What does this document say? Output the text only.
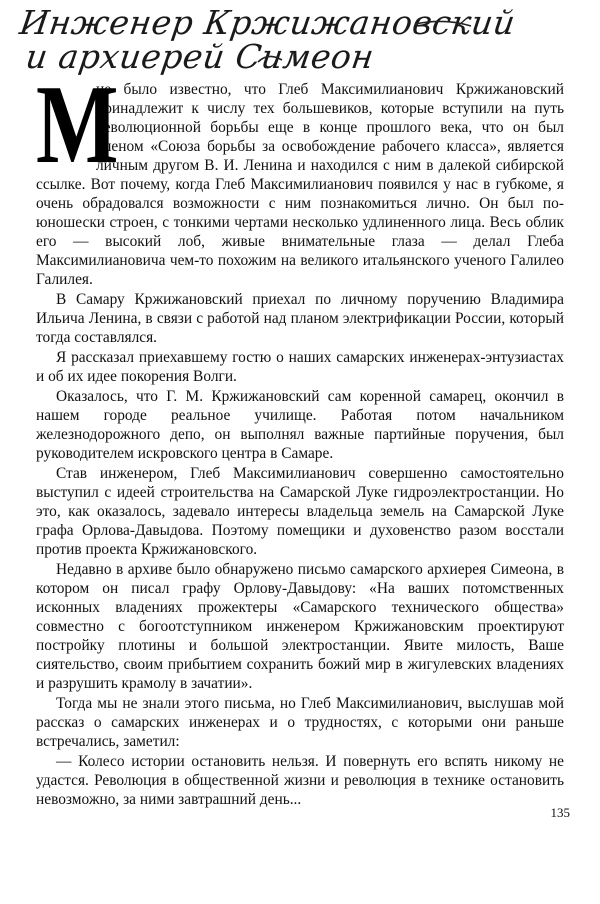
Инженер Кржижановский
и архиерей Симеон

М
не было известно, что Глеб Максимилианович Кржижановский принадлежит к числу тех большевиков, которые вступили на путь революционной борьбы еще в конце прошлого века, что он был членом «Союза борьбы за освобождение рабочего класса», является личным другом В. И. Ленина и находился с ним в далекой сибирской ссылке. Вот почему, когда Глеб Максимилианович появился у нас в губкоме, я очень обрадовался возможности с ним познакомиться лично. Он был по-юношески строен, с тонкими чертами несколько удлиненного лица. Весь облик его — высокий лоб, живые внимательные глаза — делал Глеба Максимилиановича чем-то похожим на великого итальянского ученого Галилео Галилея.

В Самару Кржижановский приехал по личному поручению Владимира Ильича Ленина, в связи с работой над планом электрификации России, который тогда составлялся.

Я рассказал приехавшему гостю о наших самарских инженерах-энтузиастах и об их идее покорения Волги.

Оказалось, что Г. М. Кржижановский сам коренной самарец, окончил в нашем городе реальное училище. Работая потом начальником железнодорожного депо, он выполнял важные партийные поручения, был руководителем искровского центра в Самаре.

Став инженером, Глеб Максимилианович совершенно самостоятельно выступил с идеей строительства на Самарской Луке гидроэлектростанции. Но это, как оказалось, задевало интересы владельца земель на Самарской Луке графа Орлова-Давыдова. Поэтому помещики и духовенство разом восстали против проекта Кржижановского.

Недавно в архиве было обнаружено письмо самарского архиерея Симеона, в котором он писал графу Орлову-Давыдову: «На ваших потомственных исконных владениях прожектеры «Самарского технического общества» совместно с богоотступником инженером Кржижановским проектируют постройку плотины и большой электростанции. Явите милость, Ваше сиятельство, своим прибытием сохранить божий мир в жигулевских владениях и разрушить крамолу в зачатии».

Тогда мы не знали этого письма, но Глеб Максимилианович, выслушав мой рассказ о самарских инженерах и о трудностях, с которыми они раньше встречались, заметил:

— Колесо истории остановить нельзя. И повернуть его вспять никому не удастся. Революция в общественной жизни и революция в технике остановить невозможно, за ними завтрашний день...

135
